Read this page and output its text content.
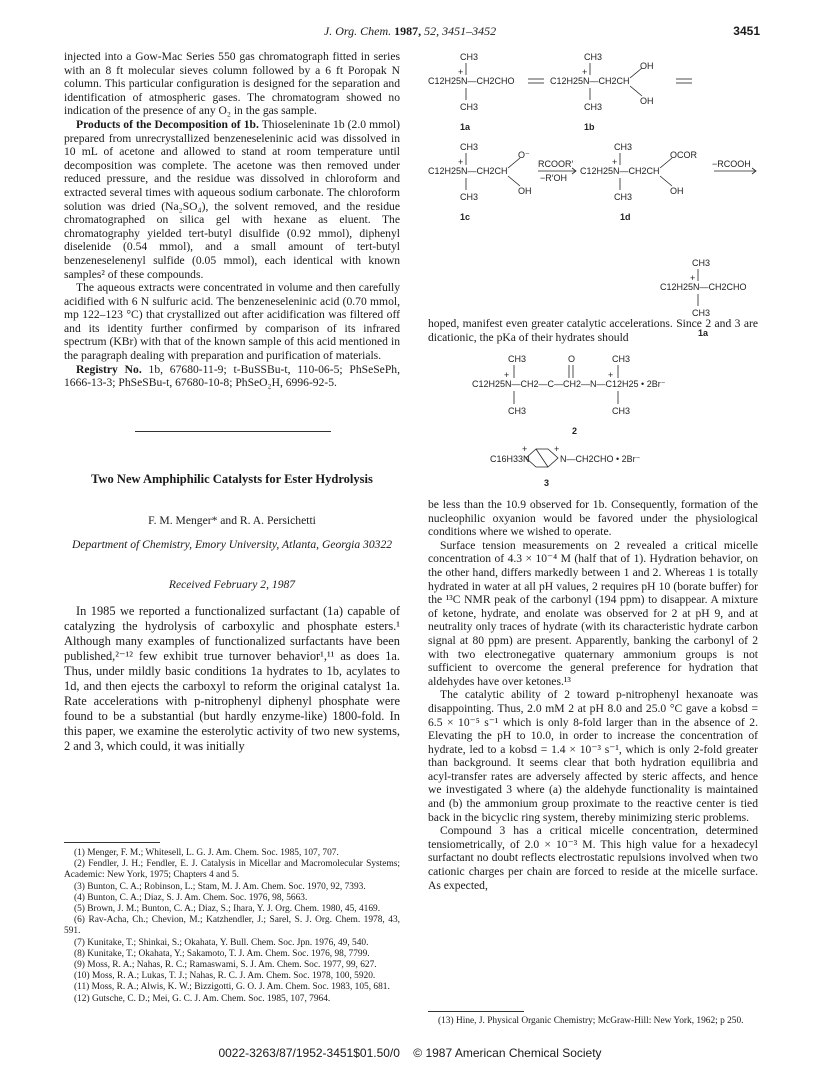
J. Org. Chem. 1987, 52, 3451–3452	3451

injected into a Gow-Mac Series 550 gas chromatograph fitted in series with an 8 ft molecular sieves column followed by a 6 ft Poropak N column. This particular configuration is designed for the separation and identification of atmospheric gases. The chromatogram showed no indication of the presence of any O₂ in the gas sample.

Products of the Decomposition of 1b. Thioseleninate 1b (2.0 mmol) prepared from unrecrystallized benzeneseleninic acid was dissolved in 10 mL of acetone and allowed to stand at room temperature until decomposition was complete. The acetone was then removed under reduced pressure, and the residue was dissolved in chloroform and extracted several times with aqueous sodium carbonate. The chloroform solution was dried (Na₂SO₄), the solvent removed, and the residue chromatographed on silica gel with hexane as eluent. The chromatography yielded tert-butyl disulfide (0.92 mmol), diphenyl diselenide (0.54 mmol), and a small amount of tert-butyl benzeneselenenyl sulfide (0.05 mmol), each identical with known samples² of these compounds.

The aqueous extracts were concentrated in volume and then carefully acidified with 6 N sulfuric acid. The benzeneseleninic acid (0.70 mmol, mp 122–123 °C) that crystallized out after acidification was filtered off and its identity further confirmed by comparison of its infrared spectrum (KBr) with that of the known sample of this acid mentioned in the paragraph dealing with preparation and purification of materials.

Registry No. 1b, 67680-11-9; t-BuSSBu-t, 110-06-5; PhSeSePh, 1666-13-3; PhSeSBu-t, 67680-10-8; PhSeO₂H, 6996-92-5.

Two New Amphiphilic Catalysts for Ester Hydrolysis
F. M. Menger* and R. A. Persichetti
Department of Chemistry, Emory University, Atlanta, Georgia 30322
Received February 2, 1987

In 1985 we reported a functionalized surfactant (1a) capable of catalyzing the hydrolysis of carboxylic and phosphate esters.¹ Although many examples of functionalized surfactants have been published,²⁻¹² few exhibit true turnover behavior¹,¹¹ as does 1a. Thus, under mildly basic conditions 1a hydrates to 1b, acylates to 1d, and then ejects the carboxyl to reform the original catalyst 1a. Rate accelerations with p-nitrophenyl diphenyl phosphate were found to be a substantial (but hardly enzyme-like) 1800-fold. In this paper, we examine the esterolytic activity of two new systems, 2 and 3, which could, it was initially

(1) Menger, F. M.; Whitesell, L. G. J. Am. Chem. Soc. 1985, 107, 707.

(2) Fendler, J. H.; Fendler, E. J. Catalysis in Micellar and Macromolecular Systems; Academic: New York, 1975; Chapters 4 and 5.

(3) Bunton, C. A.; Robinson, L.; Stam, M. J. Am. Chem. Soc. 1970, 92, 7393.

(4) Bunton, C. A.; Diaz, S. J. Am. Chem. Soc. 1976, 98, 5663.

(5) Brown, J. M.; Bunton, C. A.; Diaz, S.; Ihara, Y. J. Org. Chem. 1980, 45, 4169.

(6) Rav-Acha, Ch.; Chevion, M.; Katzhendler, J.; Sarel, S. J. Org. Chem. 1978, 43, 591.

(7) Kunitake, T.; Shinkai, S.; Okahata, Y. Bull. Chem. Soc. Jpn. 1976, 49, 540.

(8) Kunitake, T.; Okahata, Y.; Sakamoto, T. J. Am. Chem. Soc. 1976, 98, 7799.

(9) Moss, R. A.; Nahas, R. C.; Ramaswami, S. J. Am. Chem. Soc. 1977, 99, 627.

(10) Moss, R. A.; Lukas, T. J.; Nahas, R. C. J. Am. Chem. Soc. 1978, 100, 5920.

(11) Moss, R. A.; Alwis, K. W.; Bizzigotti, G. O. J. Am. Chem. Soc. 1983, 105, 681.

(12) Gutsche, C. D.; Mei, G. C. J. Am. Chem. Soc. 1985, 107, 7964.

CH3
+
C12H25N—CH2CHO
CH3
1a
CH3
+
C12H25N—CH2CH
OH
OH
CH3
1b
CH3
+
C12H25N—CH2CH
O⁻
OH
CH3
1c
RCOOR′
−R′OH
CH3
+
C12H25N—CH2CH
OCOR
OH
CH3
1d
−RCOOH
CH3
+
C12H25N—CH2CHO
CH3
1a

hoped, manifest even greater catalytic accelerations. Since 2 and 3 are dicationic, the pKa of their hydrates should

CH3	O	CH3
+	+
C12H25N—CH2—C—CH2—N—C12H25 • 2Br⁻
CH3	CH3
2
C16H33N
+	+
N—CH2CHO • 2Br⁻
3

be less than the 10.9 observed for 1b. Consequently, formation of the nucleophilic oxyanion would be favored under the physiological conditions where we wished to operate.

Surface tension measurements on 2 revealed a critical micelle concentration of 4.3 × 10⁻⁴ M (half that of 1). Hydration behavior, on the other hand, differs markedly between 1 and 2. Whereas 1 is totally hydrated in water at all pH values, 2 requires pH 10 (borate buffer) for the ¹³C NMR peak of the carbonyl (194 ppm) to disappear. A mixture of ketone, hydrate, and enolate was observed for 2 at pH 9, and at neutrality only traces of hydrate (with its characteristic hydrate carbon signal at 80 ppm) are present. Apparently, banking the carbonyl of 2 with two electronegative quaternary ammonium groups is not sufficient to overcome the general preference for hydration that aldehydes have over ketones.¹³

The catalytic ability of 2 toward p-nitrophenyl hexanoate was disappointing. Thus, 2.0 mM 2 at pH 8.0 and 25.0 °C gave a kobsd = 6.5 × 10⁻⁵ s⁻¹ which is only 8-fold larger than in the absence of 2. Elevating the pH to 10.0, in order to increase the concentration of hydrate, led to a kobsd = 1.4 × 10⁻³ s⁻¹, which is only 2-fold greater than background. It seems clear that both hydration equilibria and acyl-transfer rates are adversely affected by steric affects, and hence we investigated 3 where (a) the aldehyde functionality is maintained and (b) the ammonium group proximate to the reactive center is tied back in the bicyclic ring system, thereby minimizing steric problems.

Compound 3 has a critical micelle concentration, determined tensiometrically, of 2.0 × 10⁻³ M. This high value for a hexadecyl surfactant no doubt reflects electrostatic repulsions involved when two cationic charges per chain are forced to reside at the micelle surface. As expected,

(13) Hine, J. Physical Organic Chemistry; McGraw-Hill: New York, 1962; p 250.

0022-3263/87/1952-3451$01.50/0 © 1987 American Chemical Society
